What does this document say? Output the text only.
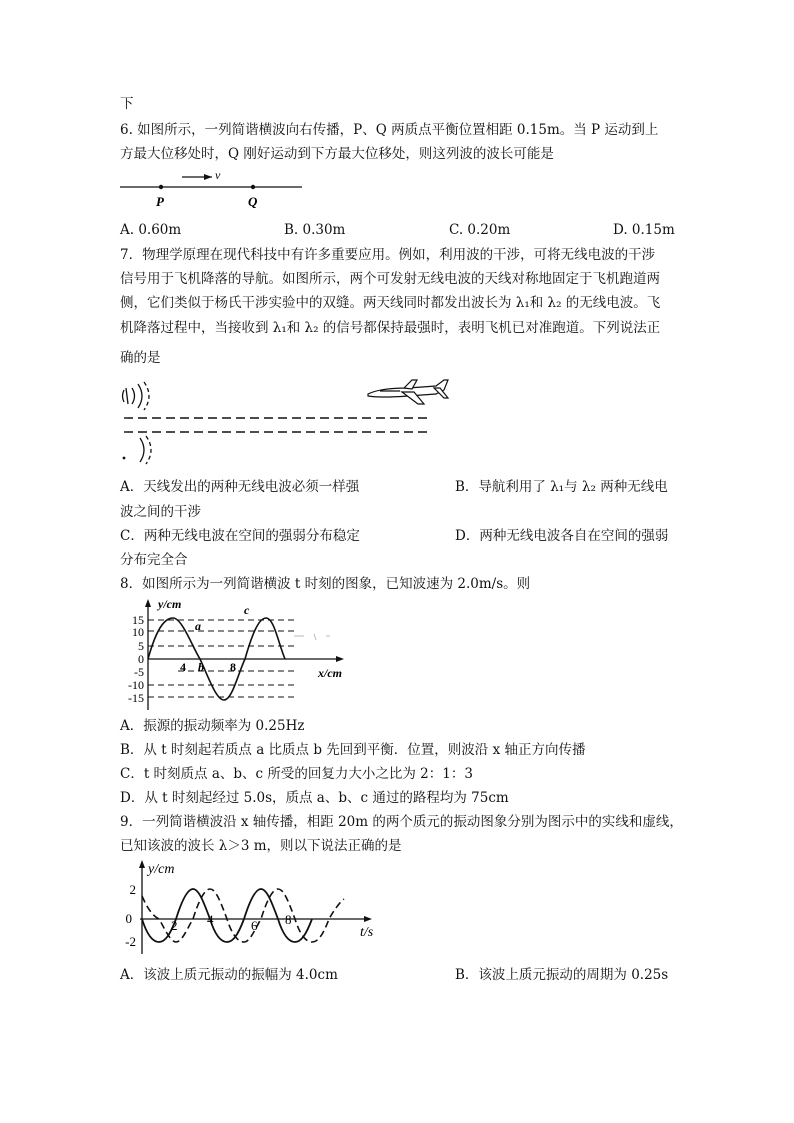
下
6. 如图所示，一列简谐横波向右传播，P、Q 两质点平衡位置相距 0.15m。当 P 运动到上
方最大位移处时，Q 刚好运动到下方最大位移处，则这列波的波长可能是
v
P	Q
A. 0.60m	B. 0.30m	C. 0.20m	D. 0.15m
7．物理学原理在现代科技中有许多重要应用。例如，利用波的干涉，可将无线电波的干涉
信号用于飞机降落的导航。如图所示，两个可发射无线电波的天线对称地固定于飞机跑道两
侧，它们类似于杨氏干涉实验中的双缝。两天线同时都发出波长为 λ₁和 λ₂ 的无线电波。飞
机降落过程中，当接收到 λ₁和 λ₂ 的信号都保持最强时，表明飞机已对准跑道。下列说法正
确的是
A．天线发出的两种无线电波必须一样强	B．导航利用了 λ₁与 λ₂ 两种无线电
波之间的干涉
C．两种无线电波在空间的强弱分布稳定	D．两种无线电波各自在空间的强弱
分布完全合
8．如图所示为一列简谐横波 t 时刻的图象，已知波速为 2.0m/s。则
y/cm
x/cm
15
10
5
0
-5
-10
-15
4	8
a
b
c
A．振源的振动频率为 0.25Hz
B．从 t 时刻起若质点 a 比质点 b 先回到平衡．位置，则波沿 x 轴正方向传播
C．t 时刻质点 a、b、c 所受的回复力大小之比为 2：1：3
D．从 t 时刻起经过 5.0s，质点 a、b、c 通过的路程均为 75cm
9．一列简谐横波沿 x 轴传播，相距 20m 的两个质元的振动图象分别为图示中的实线和虚线，
已知该波的波长 λ＞3 m，则以下说法正确的是
y/cm
t/s
2
0
-2
2 4	6 8
A．该波上质元振动的振幅为 4.0cm	B．该波上质元振动的周期为 0.25s
